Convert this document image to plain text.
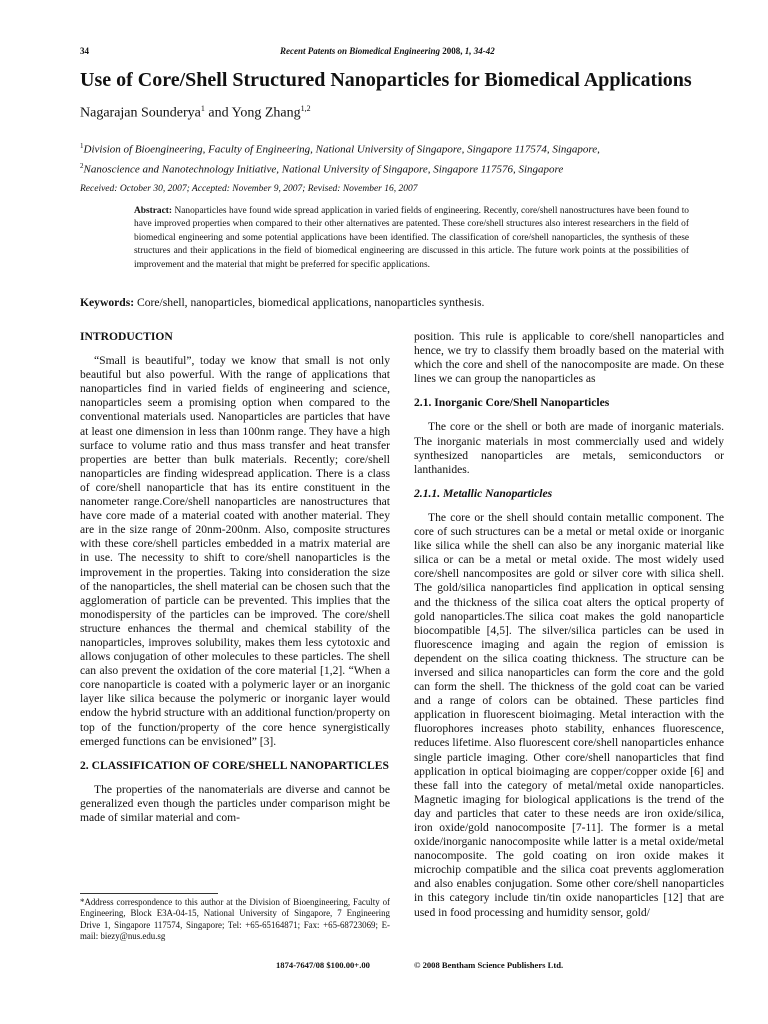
34	Recent Patents on Biomedical Engineering 2008, 1, 34-42
Use of Core/Shell Structured Nanoparticles for Biomedical Applications
Nagarajan Sounderya$^1$ and Yong Zhang$^{1,2}$
$^1$Division of Bioengineering, Faculty of Engineering, National University of Singapore, Singapore 117574, Singapore,
$^2$Nanoscience and Nanotechnology Initiative, National University of Singapore, Singapore 117576, Singapore
Received: October 30, 2007; Accepted: November 9, 2007; Revised: November 16, 2007
Abstract: Nanoparticles have found wide spread application in varied fields of engineering. Recently, core/shell nanostructures have been found to have improved properties when compared to their other alternatives are patented. These core/shell structures also interest researchers in the field of biomedical engineering and some potential applications have been identified. The classification of core/shell nanoparticles, the synthesis of these structures and their applications in the field of biomedical engineering are discussed in this article. The future work points at the possibilities of improvement and the material that might be preferred for specific applications.
Keywords: Core/shell, nanoparticles, biomedical applications, nanoparticles synthesis.
INTRODUCTION

“Small is beautiful”, today we know that small is not only beautiful but also powerful. With the range of applications that nanoparticles find in varied fields of engineering and science, nanoparticles seem a promising option when compared to the conventional materials used. Nanoparticles are particles that have at least one dimension in less than 100nm range. They have a high surface to volume ratio and thus mass transfer and heat transfer properties are better than bulk materials. Recently; core/shell nanoparticles are finding widespread application. There is a class of core/shell nanoparticle that has its entire constituent in the nanometer range.Core/shell nanoparticles are nanostructures that have core made of a material coated with another material. They are in the size range of 20nm-200nm. Also, composite structures with these core/shell particles embedded in a matrix material are in use. The necessity to shift to core/shell nanoparticles is the improvement in the properties. Taking into consideration the size of the nanoparticles, the shell material can be chosen such that the agglomeration of particle can be prevented. This implies that the monodispersity of the particles can be improved. The core/shell structure enhances the thermal and chemical stability of the nanoparticles, improves solubility, makes them less cytotoxic and allows conjugation of other molecules to these particles. The shell can also prevent the oxidation of the core material [1,2]. “When a core nanoparticle is coated with a polymeric layer or an inorganic layer like silica because the polymeric or inorganic layer would endow the hybrid structure with an additional function/property on top of the function/property of the core hence synergistically emerged functions can be envisioned” [3].

2. CLASSIFICATION OF CORE/SHELL NANOPARTICLES

The properties of the nanomaterials are diverse and cannot be generalized even though the particles under comparison might be made of similar material and com-

position. This rule is applicable to core/shell nanoparticles and hence, we try to classify them broadly based on the material with which the core and shell of the nanocomposite are made. On these lines we can group the nanoparticles as

2.1. Inorganic Core/Shell Nanoparticles

The core or the shell or both are made of inorganic materials. The inorganic materials in most commercially used and widely synthesized nanoparticles are metals, semiconductors or lanthanides.

2.1.1. Metallic Nanoparticles

The core or the shell should contain metallic component. The core of such structures can be a metal or metal oxide or inorganic like silica while the shell can also be any inorganic material like silica or can be a metal or metal oxide. The most widely used core/shell nancomposites are gold or silver core with silica shell. The gold/silica nanoparticles find application in optical sensing and the thickness of the silica coat alters the optical property of gold nanoparticles.The silica coat makes the gold nanoparticle biocompatible [4,5]. The silver/silica particles can be used in fluorescence imaging and again the region of emission is dependent on the silica coating thickness. The structure can be inversed and silica nanoparticles can form the core and the gold can form the shell. The thickness of the gold coat can be varied and a range of colors can be obtained. These particles find application in fluorescent bioimaging. Metal interaction with the fluorophores increases photo stability, enhances fluorescence, reduces lifetime. Also fluorescent core/shell nanoparticles enhance single particle imaging. Other core/shell nanoparticles that find application in optical bioimaging are copper/copper oxide [6] and these fall into the category of metal/metal oxide nanoparticles. Magnetic imaging for biological applications is the trend of the day and particles that cater to these needs are iron oxide/silica, iron oxide/gold nanocomposite [7-11]. The former is a metal oxide/inorganic nanocomposite while latter is a metal oxide/metal nanocomposite. The gold coating on iron oxide makes it microchip compatible and the silica coat prevents agglomeration and also enables conjugation. Some other core/shell nanoparticles in this category include tin/tin oxide nanoparticles [12] that are used in food processing and humidity sensor, gold/

*Address correspondence to this author at the Division of Bioengineering, Faculty of Engineering, Block E3A-04-15, National University of Singapore, 7 Engineering Drive 1, Singapore 117574, Singapore; Tel: +65-65164871; Fax: +65-68723069; E-mail: biezy@nus.edu.sg
1874-7647/08 $100.00+.00	© 2008 Bentham Science Publishers Ltd.
